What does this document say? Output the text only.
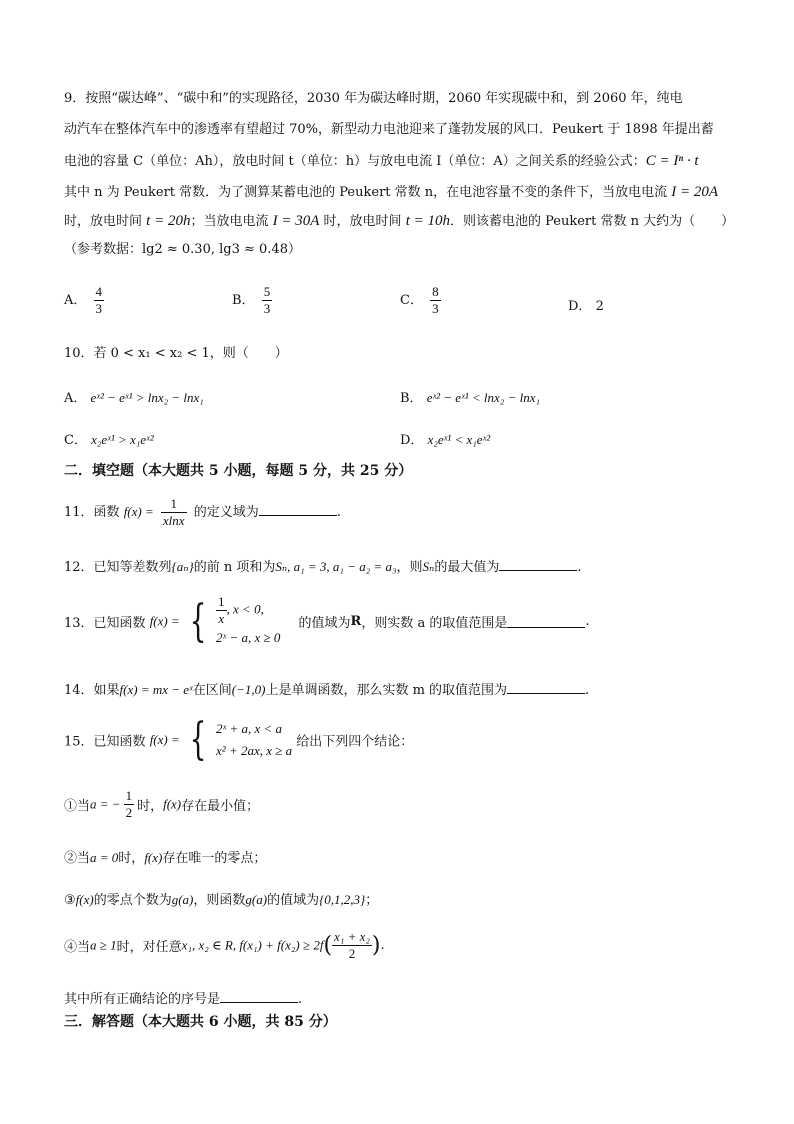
9．按照“碳达峰”、“碳中和”的实现路径，2030 年为碳达峰时期，2060 年实现碳中和，到 2060 年，纯电
动汽车在整体汽车中的渗透率有望超过 70%，新型动力电池迎来了蓬勃发展的风口．Peukert 于 1898 年提出蓄
电池的容量 C（单位：Ah），放电时间 t（单位：h）与放电电流 I（单位：A）之间关系的经验公式：C = Iⁿ · t
其中 n 为 Peukert 常数．为了测算某蓄电池的 Peukert 常数 n，在电池容量不变的条件下，当放电电流 I = 20A
时，放电时间 t = 20h；当放电电流 I = 30A 时，放电时间 t = 10h．则该蓄电池的 Peukert 常数 n 大约为（　　）
（参考数据：lg2 ≈ 0.30, lg3 ≈ 0.48）
A． $\frac{4}{3}$	B． $\frac{5}{3}$	C． $\frac{8}{3}$	D． 2
10．若 0 < x₁ < x₂ < 1，则（　　）
A． eˣ² − eˣ¹ > lnx₂ − lnx₁	B． eˣ² − eˣ¹ < lnx₂ − lnx₁
C． x₂eˣ¹ > x₁eˣ²	D． x₂eˣ¹ < x₁eˣ²
二．填空题（本大题共 5 小题，每题 5 分，共 25 分）
11．函数 $f(x) = \frac{1}{xlnx}$ 的定义域为	.
12．已知等差数列{aₙ}的前 n 项和为Sₙ, a₁ = 3, a₁ − a₂ = a₃，则Sₙ的最大值为	.
13．已知函数 f(x) = { $\frac{1}{x}$ , x < 0,
2ˣ − a, x ≥ 0
的值域为R，则实数 a 的取值范围是	.
14．如果f(x) = mx − eˣ在区间(−1,0)上是单调函数，那么实数 m 的取值范围为	.
15．已知函数 f(x) = { 2ˣ + a, x < a
x² + 2ax, x ≥ a
给出下列四个结论：
①当a = − $\frac{1}{2}$ 时，f(x)存在最小值；
②当a = 0时，f(x)存在唯一的零点；
③f(x)的零点个数为g(a)，则函数g(a)的值域为{0,1,2,3}；
④当a ≥ 1时，对任意x₁, x₂ ∈ R, $f(x_1) + f(x_2) \ge 2f( \frac{\text{x₁ + x₂}}{2}$ ).
其中所有正确结论的序号是	.
三．解答题（本大题共 6 小题，共 85 分）
